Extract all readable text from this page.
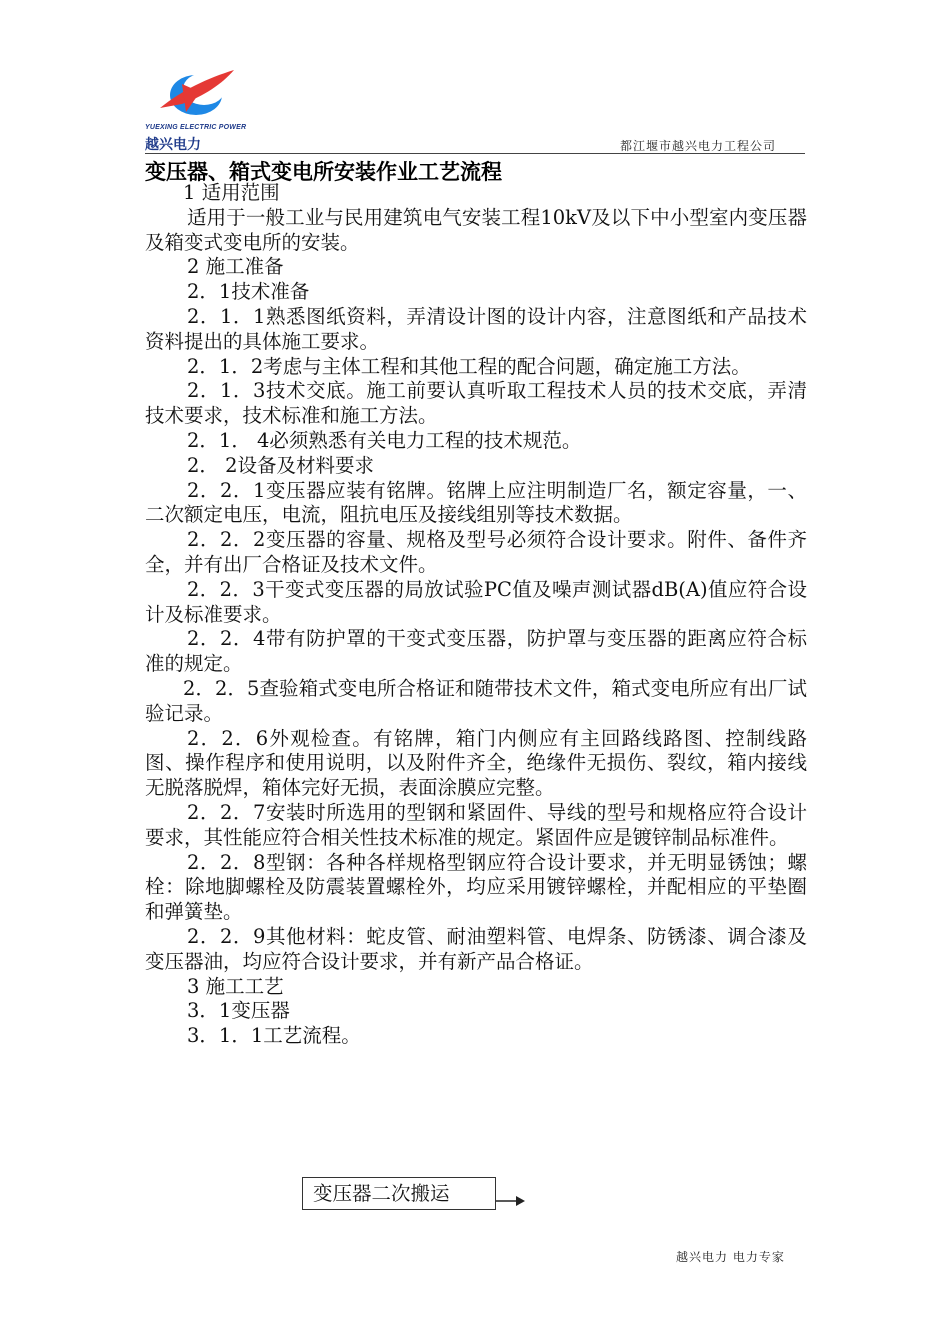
YUEXING ELECTRIC POWER
越兴电力	都江堰市越兴电力工程公司
变压器、箱式变电所安装作业工艺流程

1 适用范围

适用于一般工业与民用建筑电气安装工程10kV及以下中小型室内变压器及箱变式变电所的安装。

2 施工准备

2．1技术准备

2．1．1熟悉图纸资料，弄清设计图的设计内容，注意图纸和产品技术资料提出的具体施工要求。

2．1．2考虑与主体工程和其他工程的配合问题，确定施工方法。

2．1．3技术交底。施工前要认真听取工程技术人员的技术交底，弄清技术要求，技术标准和施工方法。

2．1． 4必须熟悉有关电力工程的技术规范。

2． 2设备及材料要求

2．2．1变压器应装有铭牌。铭牌上应注明制造厂名，额定容量，一、二次额定电压，电流，阻抗电压及接线组别等技术数据。

2．2．2变压器的容量、规格及型号必须符合设计要求。附件、备件齐全，并有出厂合格证及技术文件。

2．2．3干变式变压器的局放试验PC值及噪声测试器dB(A)值应符合设计及标准要求。

2．2．4带有防护罩的干变式变压器，防护罩与变压器的距离应符合标准的规定。

2．2．5查验箱式变电所合格证和随带技术文件，箱式变电所应有出厂试验记录。

2．2．6外观检查。有铭牌，箱门内侧应有主回路线路图、控制线路图、操作程序和使用说明，以及附件齐全，绝缘件无损伤、裂纹，箱内接线无脱落脱焊，箱体完好无损，表面涂膜应完整。

2．2．7安装时所选用的型钢和紧固件、导线的型号和规格应符合设计要求，其性能应符合相关性技术标准的规定。紧固件应是镀锌制品标准件。

2．2．8型钢：各种各样规格型钢应符合设计要求，并无明显锈蚀；螺栓：除地脚螺栓及防震装置螺栓外，均应采用镀锌螺栓，并配相应的平垫圈和弹簧垫。

2．2．9其他材料：蛇皮管、耐油塑料管、电焊条、防锈漆、调合漆及变压器油，均应符合设计要求，并有新产品合格证。

3 施工工艺

3．1变压器

3．1．1工艺流程。

变压器二次搬运
越兴电力 电力专家
